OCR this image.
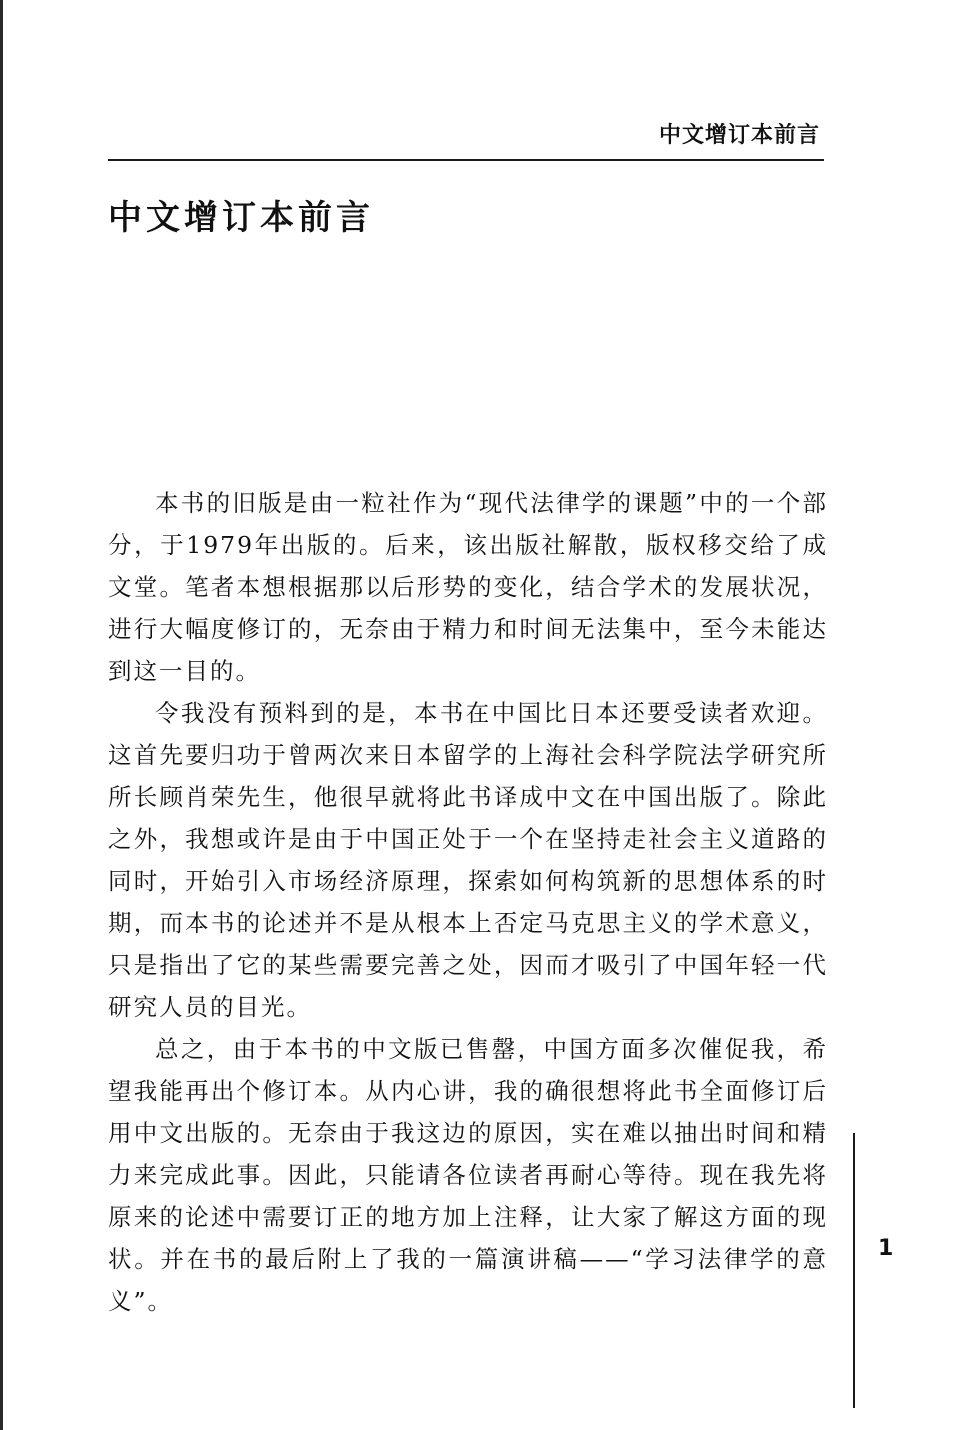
中文增订本前言
中文增订本前言

本书的旧版是由一粒社作为“现代法律学的课题”中的一个部分，于1979年出版的。后来，该出版社解散，版权移交给了成文堂。笔者本想根据那以后形势的变化，结合学术的发展状况，进行大幅度修订的，无奈由于精力和时间无法集中，至今未能达到这一目的。

令我没有预料到的是，本书在中国比日本还要受读者欢迎。这首先要归功于曾两次来日本留学的上海社会科学院法学研究所所长顾肖荣先生，他很早就将此书译成中文在中国出版了。除此之外，我想或许是由于中国正处于一个在坚持走社会主义道路的同时，开始引入市场经济原理，探索如何构筑新的思想体系的时期，而本书的论述并不是从根本上否定马克思主义的学术意义，只是指出了它的某些需要完善之处，因而才吸引了中国年轻一代研究人员的目光。

总之，由于本书的中文版已售罄，中国方面多次催促我，希望我能再出个修订本。从内心讲，我的确很想将此书全面修订后用中文出版的。无奈由于我这边的原因，实在难以抽出时间和精力来完成此事。因此，只能请各位读者再耐心等待。现在我先将原来的论述中需要订正的地方加上注释，让大家了解这方面的现状。并在书的最后附上了我的一篇演讲稿——“学习法律学的意义”。

1
